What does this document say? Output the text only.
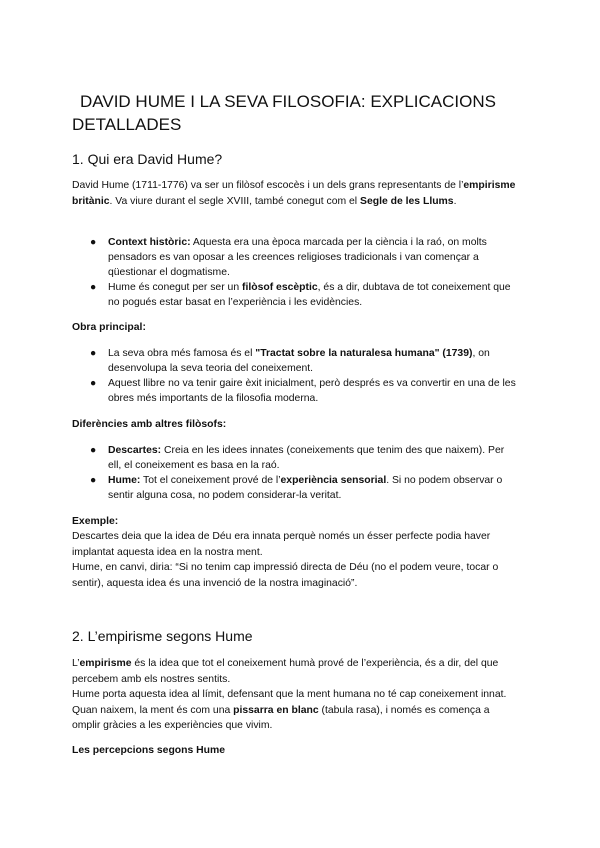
DAVID HUME I LA SEVA FILOSOFIA: EXPLICACIONS
DETALLADES
1. Qui era David Hume?

David Hume (1711-1776) va ser un filòsof escocès i un dels grans representants de l’empirisme britànic. Va viure durant el segle XVIII, també conegut com el Segle de les Llums.

● Context històric: Aquesta era una època marcada per la ciència i la raó, on molts pensadors es van oposar a les creences religioses tradicionals i van començar a qüestionar el dogmatisme.
● Hume és conegut per ser un filòsof escèptic, és a dir, dubtava de tot coneixement que no pogués estar basat en l’experiència i les evidències.

Obra principal:

● La seva obra més famosa és el "Tractat sobre la naturalesa humana" (1739), on desenvolupa la seva teoria del coneixement.
● Aquest llibre no va tenir gaire èxit inicialment, però després es va convertir en una de les obres més importants de la filosofia moderna.

Diferències amb altres filòsofs:

● Descartes: Creia en les idees innates (coneixements que tenim des que naixem). Per ell, el coneixement es basa en la raó.
● Hume: Tot el coneixement prové de l’experiència sensorial. Si no podem observar o sentir alguna cosa, no podem considerar-la veritat.

Exemple:

Descartes deia que la idea de Déu era innata perquè només un ésser perfecte podia haver implantat aquesta idea en la nostra ment.

Hume, en canvi, diria: “Si no tenim cap impressió directa de Déu (no el podem veure, tocar o sentir), aquesta idea és una invenció de la nostra imaginació”.

2. L’empirisme segons Hume

L’empirisme és la idea que tot el coneixement humà prové de l’experiència, és a dir, del que percebem amb els nostres sentits.

Hume porta aquesta idea al límit, defensant que la ment humana no té cap coneixement innat. Quan naixem, la ment és com una pissarra en blanc (tabula rasa), i només es comença a omplir gràcies a les experiències que vivim.

Les percepcions segons Hume
